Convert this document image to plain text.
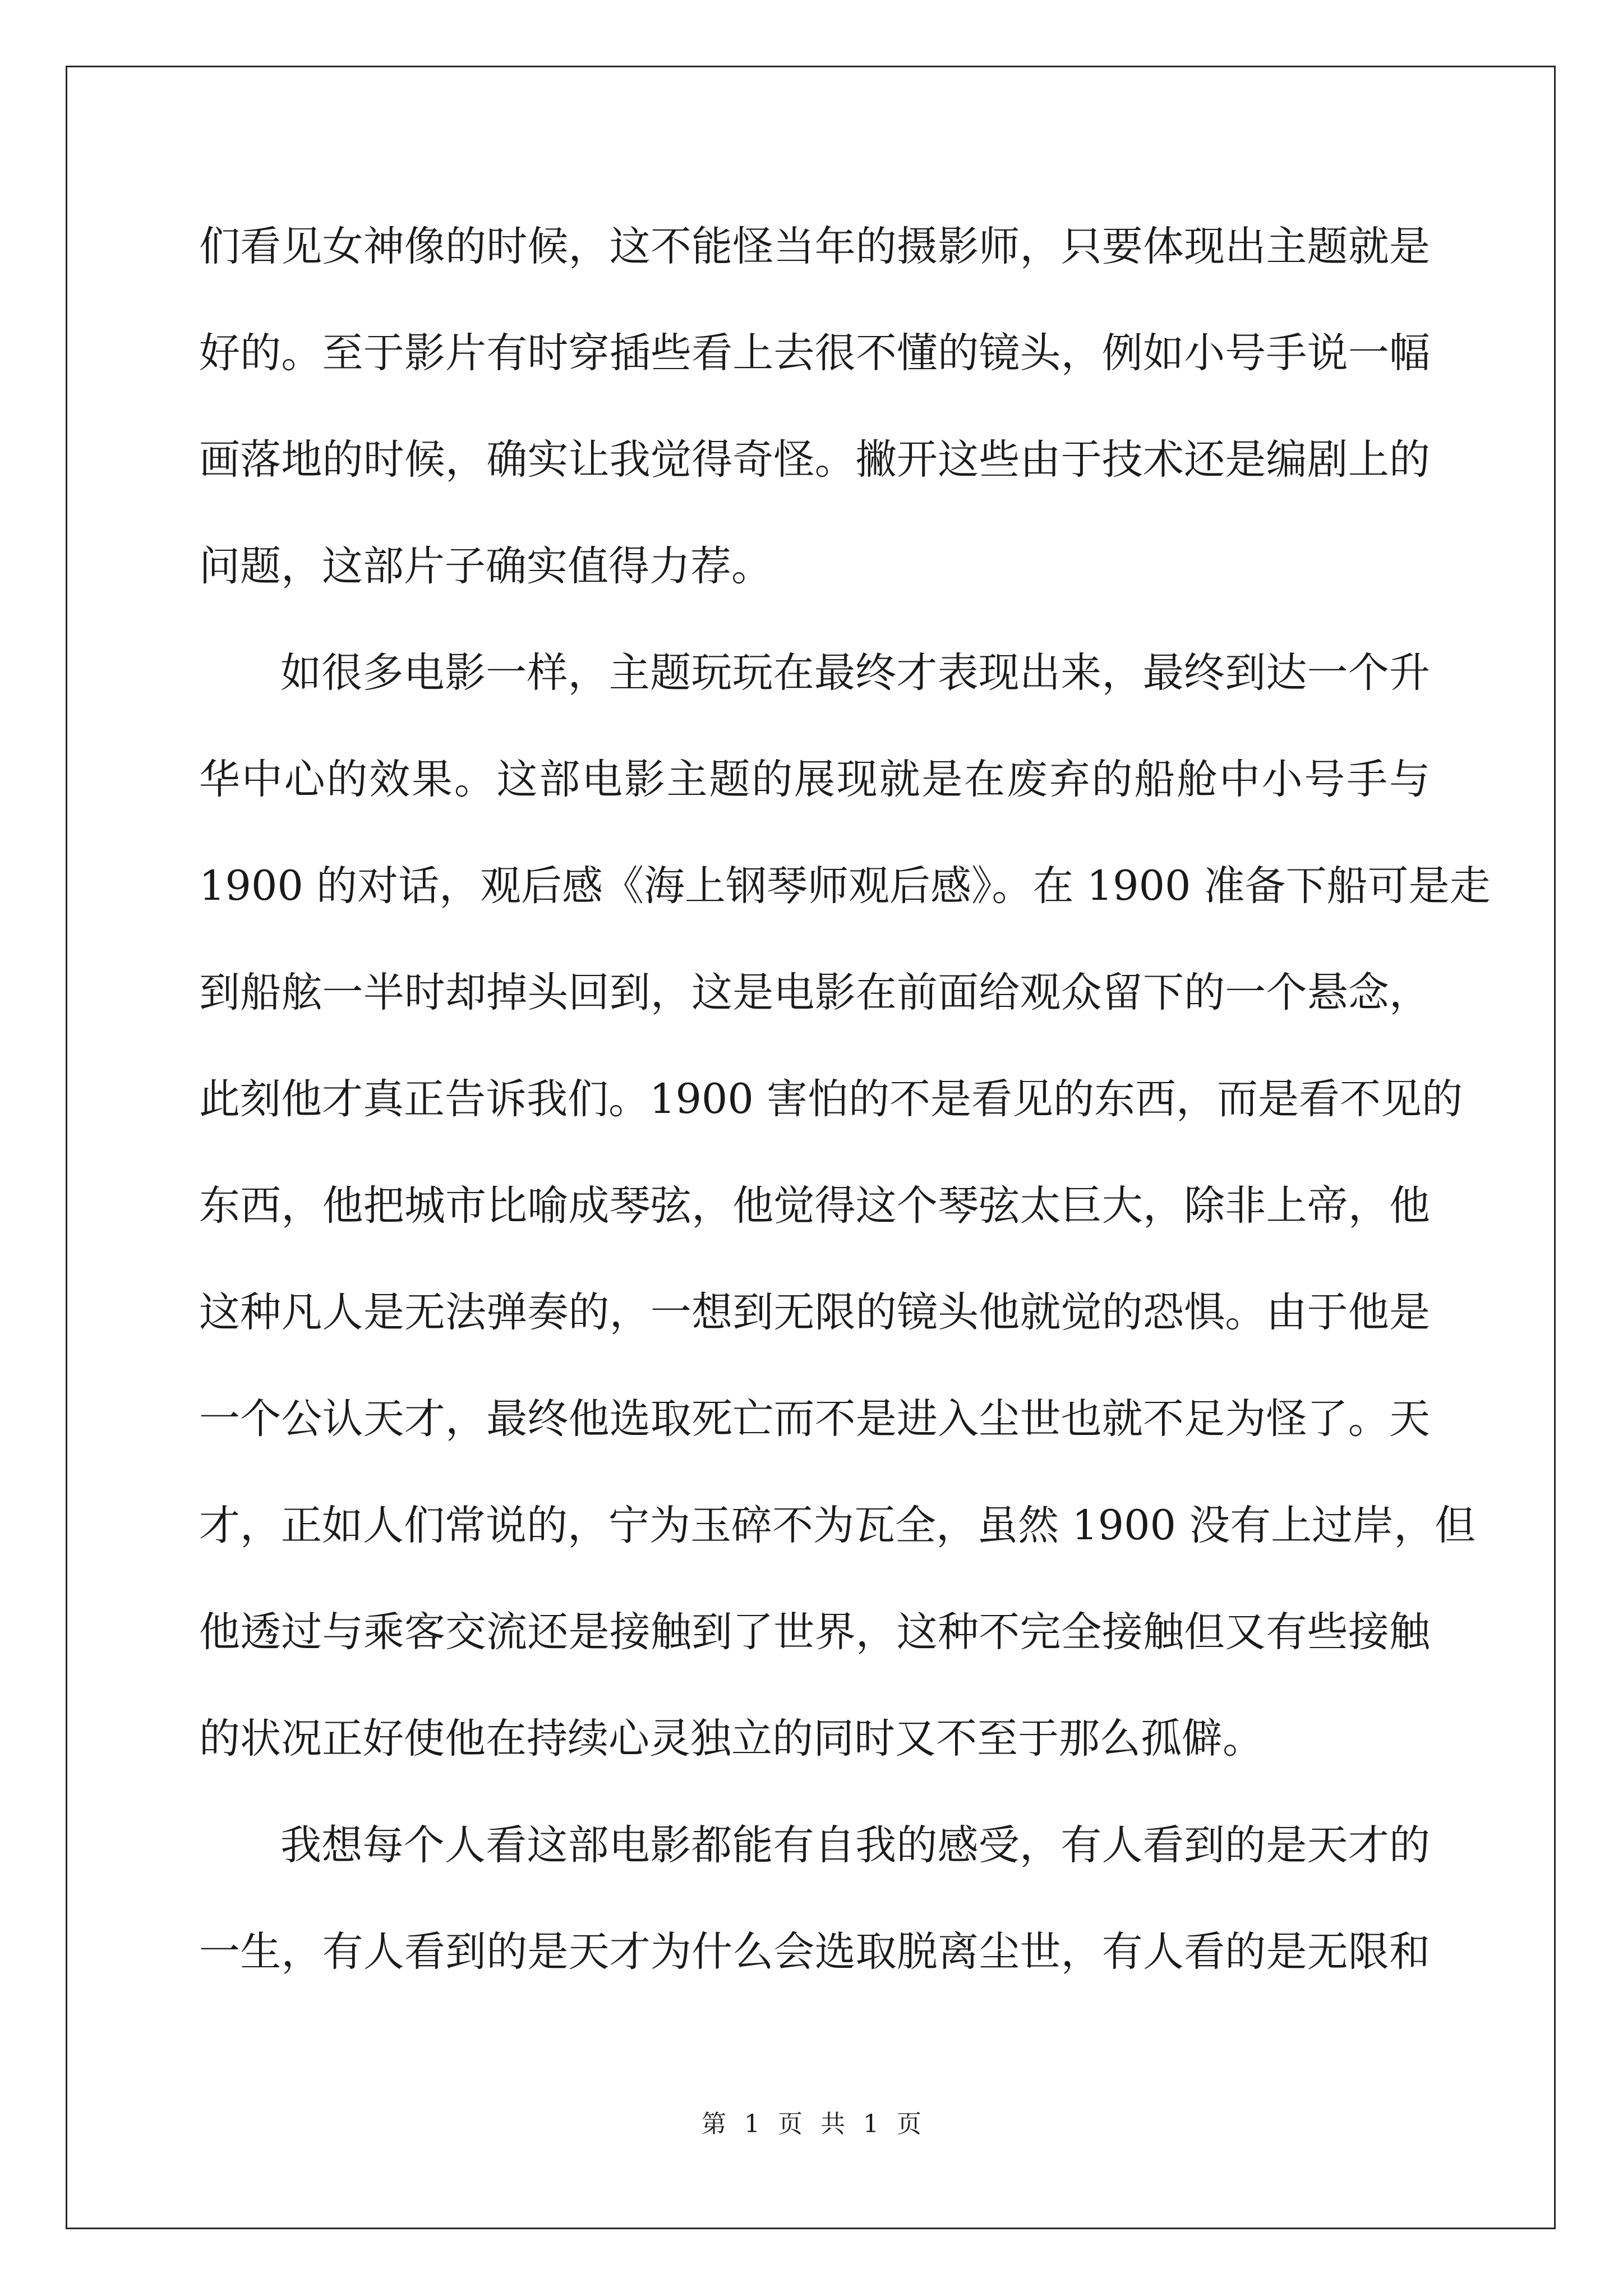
们看见女神像的时候，这不能怪当年的摄影师，只要体现出主题就是
好的。至于影片有时穿插些看上去很不懂的镜头，例如小号手说一幅
画落地的时候，确实让我觉得奇怪。撇开这些由于技术还是编剧上的
问题，这部片子确实值得力荐。
如很多电影一样，主题玩玩在最终才表现出来，最终到达一个升
华中心的效果。这部电影主题的展现就是在废弃的船舱中小号手与
1900 的对话，观后感《海上钢琴师观后感》。在 1900 准备下船可是走
到船舷一半时却掉头回到，这是电影在前面给观众留下的一个悬念，
此刻他才真正告诉我们。1900 害怕的不是看见的东西，而是看不见的
东西，他把城市比喻成琴弦，他觉得这个琴弦太巨大，除非上帝，他
这种凡人是无法弹奏的，一想到无限的镜头他就觉的恐惧。由于他是
一个公认天才，最终他选取死亡而不是进入尘世也就不足为怪了。天
才，正如人们常说的，宁为玉碎不为瓦全，虽然 1900 没有上过岸，但
他透过与乘客交流还是接触到了世界，这种不完全接触但又有些接触
的状况正好使他在持续心灵独立的同时又不至于那么孤僻。
我想每个人看这部电影都能有自我的感受，有人看到的是天才的
一生，有人看到的是天才为什么会选取脱离尘世，有人看的是无限和
第 1 页 共 1 页
